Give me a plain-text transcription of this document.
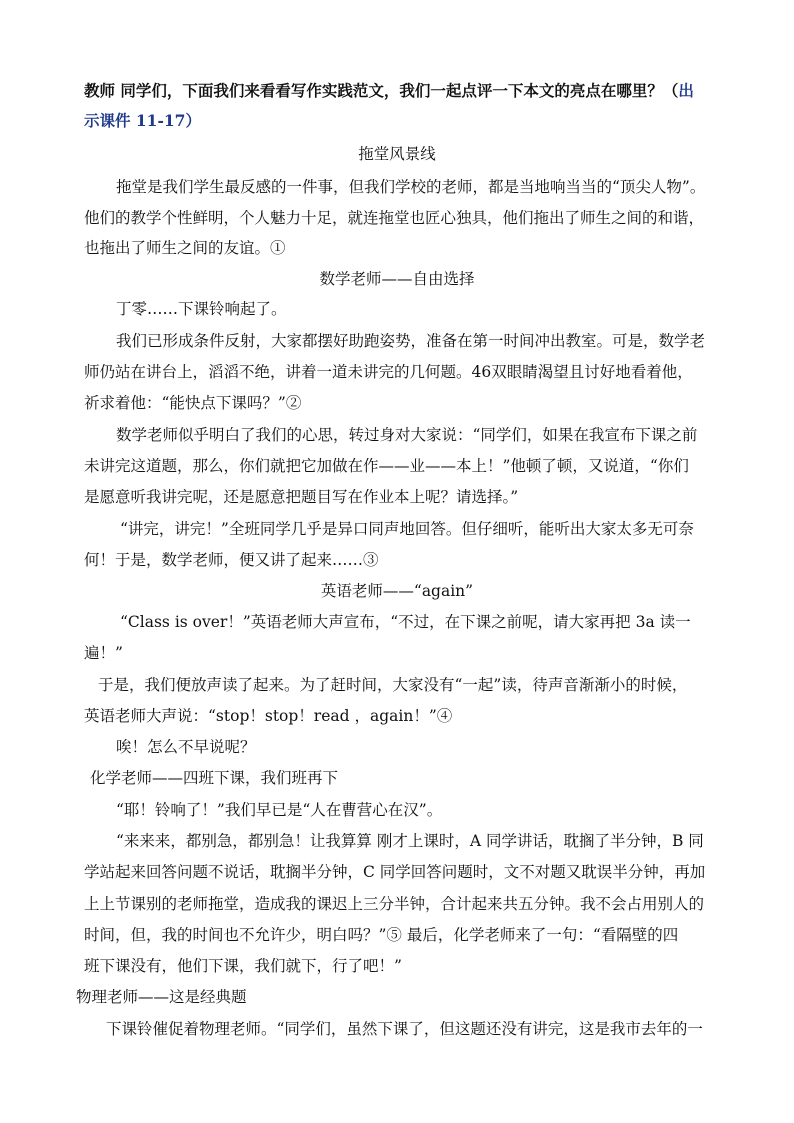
教师 同学们，下面我们来看看写作实践范文，我们一起点评一下本文的亮点在哪里？（出
示课件 11-17）
拖堂风景线
拖堂是我们学生最反感的一件事，但我们学校的老师，都是当地响当当的“顶尖人物”。
他们的教学个性鲜明，个人魅力十足，就连拖堂也匠心独具，他们拖出了师生之间的和谐，
也拖出了师生之间的友谊。①
数学老师——自由选择
丁零……下课铃响起了。
我们已形成条件反射，大家都摆好助跑姿势，准备在第一时间冲出教室。可是，数学老
师仍站在讲台上，滔滔不绝，讲着一道未讲完的几何题。46双眼睛渴望且讨好地看着他，
祈求着他：“能快点下课吗？”②
数学老师似乎明白了我们的心思，转过身对大家说：“同学们，如果在我宣布下课之前
未讲完这道题，那么，你们就把它加做在作——业——本上！”他顿了顿，又说道，“你们
是愿意听我讲完呢，还是愿意把题目写在作业本上呢？请选择。”
“讲完，讲完！”全班同学几乎是异口同声地回答。但仔细听，能听出大家太多无可奈
何！于是，数学老师，便又讲了起来……③
英语老师——“again”
“Class is over！”英语老师大声宣布，“不过，在下课之前呢，请大家再把 3a 读一
遍！”
于是，我们便放声读了起来。为了赶时间，大家没有“一起”读，待声音渐渐小的时候，
英语老师大声说：“stop！stop！read ，again！”④
唉！怎么不早说呢？
化学老师——四班下课，我们班再下
“耶！铃响了！”我们早已是“人在曹营心在汉”。
“来来来，都别急，都别急！让我算算 刚才上课时，A 同学讲话，耽搁了半分钟，B 同
学站起来回答问题不说话，耽搁半分钟，C 同学回答问题时，文不对题又耽误半分钟，再加
上上节课别的老师拖堂，造成我的课迟上三分半钟，合计起来共五分钟。我不会占用别人的
时间，但，我的时间也不允许少，明白吗？”⑤ 最后，化学老师来了一句：“看隔壁的四
班下课没有，他们下课，我们就下，行了吧！”
物理老师——这是经典题
下课铃催促着物理老师。“同学们，虽然下课了，但这题还没有讲完，这是我市去年的一
